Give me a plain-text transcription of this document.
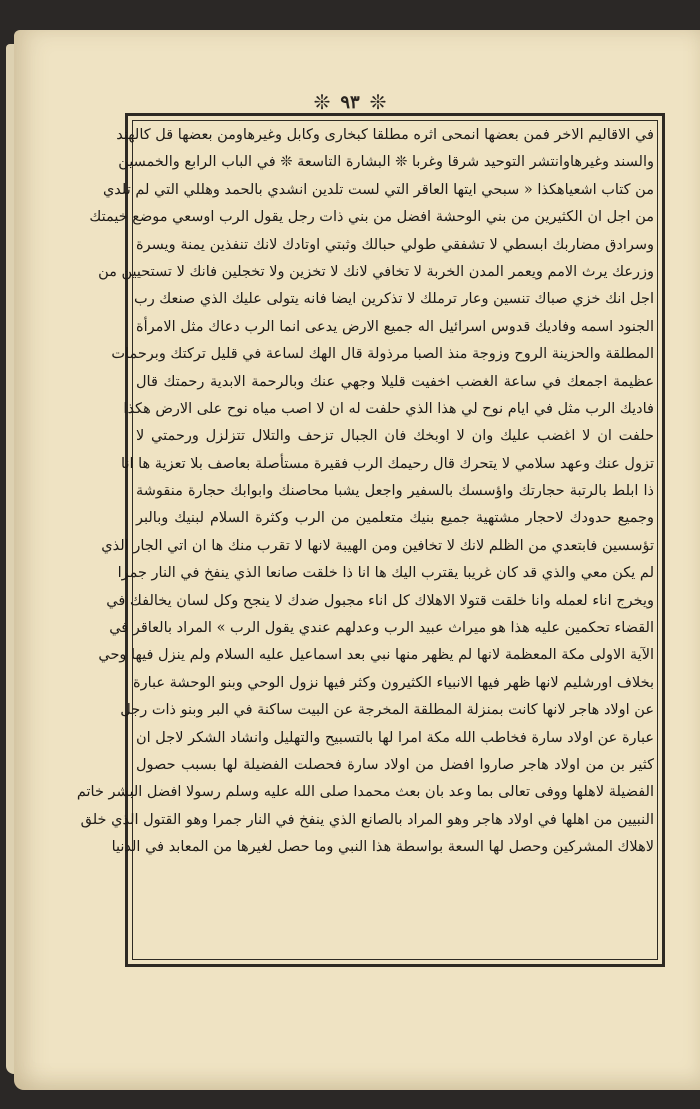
❊ ٩٣ ❊
في الاقاليم الاخر فمن بعضها انمحى اثره مطلقا كبخارى وكابل وغيرهاومن بعضها قل كالهند
والسند وغيرهاوانتشر التوحيد شرقا وغربا ❊ البشارة التاسعة ❊ في الباب الرابع والخمسين
من كتاب اشعياهكذا « سبحي ايتها العاقر التي لست تلدين انشدي بالحمد وهللي التي لم تلدي
من اجل ان الكثيرين من بني الوحشة افضل من بني ذات رجل يقول الرب اوسعي موضع خيمتك
وسرادق مضاربك ابسطي لا تشفقي طولي حبالك وثبتي اوتادك لانك تنفذين يمنة ويسرة
وزرعك يرث الامم ويعمر المدن الخربة لا تخافي لانك لا تخزين ولا تخجلين فانك لا تستحيين من
اجل انك خزي صباك تنسين وعار ترملك لا تذكرين ايضا فانه يتولى عليك الذي صنعك رب
الجنود اسمه وفاديك قدوس اسرائيل اله جميع الارض يدعى انما الرب دعاك مثل الامرأة
المطلقة والحزينة الروح وزوجة منذ الصبا مرذولة قال الهك لساعة في قليل تركتك وبرحمات
عظيمة اجمعك في ساعة الغضب اخفيت قليلا وجهي عنك وبالرحمة الابدية رحمتك قال
فاديك الرب مثل في ايام نوح لي هذا الذي حلفت له ان لا اصب مياه نوح على الارض هكذا
حلفت ان لا اغضب عليك وان لا اوبخك فان الجبال تزحف والتلال تتزلزل ورحمتي لا
تزول عنك وعهد سلامي لا يتحرك قال رحيمك الرب فقيرة مستأصلة بعاصف بلا تعزية ها انا
ذا ابلط بالرتبة حجارتك واؤسسك بالسفير واجعل يشبا محاصنك وابوابك حجارة منقوشة
وجميع حدودك لاحجار مشتهية جميع بنيك متعلمين من الرب وكثرة السلام لبنيك وبالبر
تؤسسين فابتعدي من الظلم لانك لا تخافين ومن الهيبة لانها لا تقرب منك ها ان اتي الجار الذي
لم يكن معي والذي قد كان غريبا يقترب اليك ها انا ذا خلقت صانعا الذي ينفخ في النار جمرا
ويخرج اناء لعمله وانا خلقت قتولا الاهلاك كل اناء مجبول ضدك لا ينجح وكل لسان يخالفك في
القضاء تحكمين عليه هذا هو ميراث عبيد الرب وعدلهم عندي يقول الرب » المراد بالعاقر في
الآية الاولى مكة المعظمة لانها لم يظهر منها نبي بعد اسماعيل عليه السلام ولم ينزل فيها وحي
بخلاف اورشليم لانها ظهر فيها الانبياء الكثيرون وكثر فيها نزول الوحي وبنو الوحشة عبارة
عن اولاد هاجر لانها كانت بمنزلة المطلقة المخرجة عن البيت ساكنة في البر وبنو ذات رجل
عبارة عن اولاد سارة فخاطب الله مكة امرا لها بالتسبيح والتهليل وانشاد الشكر لاجل ان
كثير بن من اولاد هاجر صاروا افضل من اولاد سارة فحصلت الفضيلة لها بسبب حصول
الفضيلة لاهلها ووفى تعالى بما وعد بان بعث محمدا صلى الله عليه وسلم رسولا افضل البشر خاتم
النبيين من اهلها في اولاد هاجر وهو المراد بالصانع الذي ينفخ في النار جمرا وهو القتول الذي خلق
لاهلاك المشركين وحصل لها السعة بواسطة هذا النبي وما حصل لغيرها من المعابد في الدنيا
